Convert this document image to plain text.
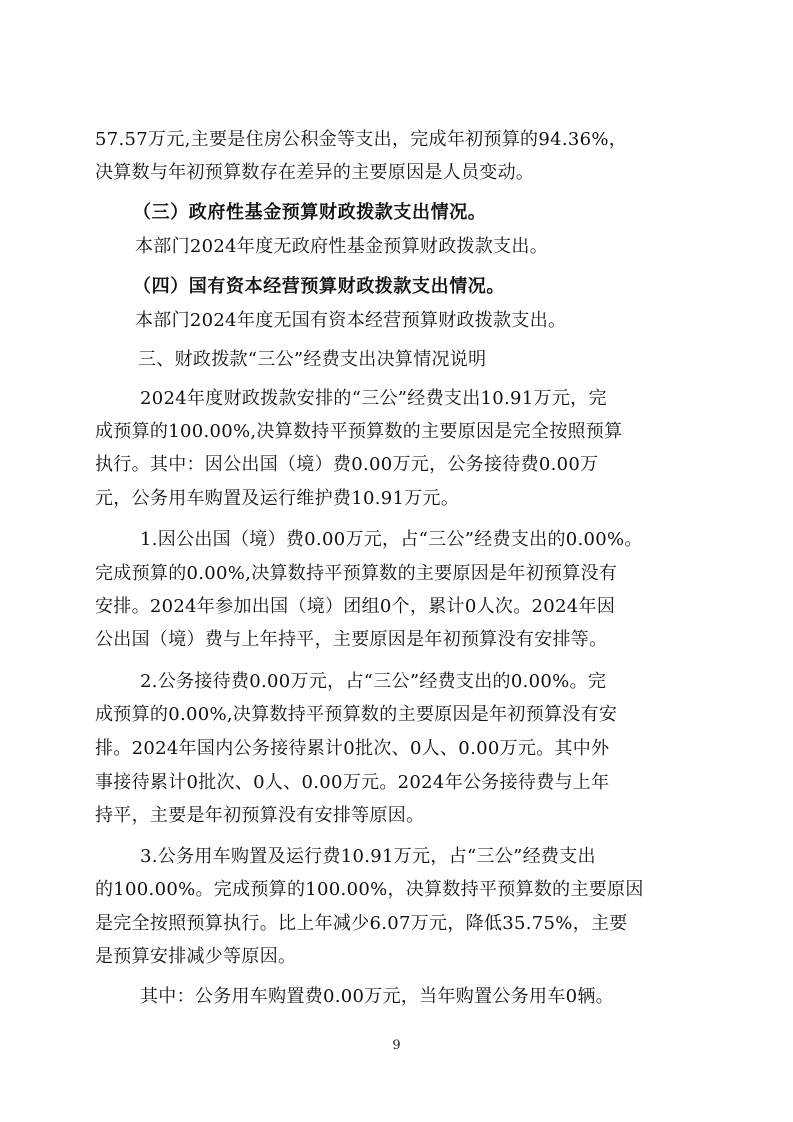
57.57万元,主要是住房公积金等支出，完成年初预算的94.36%，
决算数与年初预算数存在差异的主要原因是人员变动。
（三）政府性基金预算财政拨款支出情况。
本部门2024年度无政府性基金预算财政拨款支出。
（四）国有资本经营预算财政拨款支出情况。
本部门2024年度无国有资本经营预算财政拨款支出。
三、财政拨款“三公”经费支出决算情况说明
2024年度财政拨款安排的“三公”经费支出10.91万元，完
成预算的100.00%,决算数持平预算数的主要原因是完全按照预算
执行。其中：因公出国（境）费0.00万元，公务接待费0.00万
元，公务用车购置及运行维护费10.91万元。
1.因公出国（境）费0.00万元，占“三公”经费支出的0.00%。
完成预算的0.00%,决算数持平预算数的主要原因是年初预算没有
安排。2024年参加出国（境）团组0个，累计0人次。2024年因
公出国（境）费与上年持平，主要原因是年初预算没有安排等。
2.公务接待费0.00万元，占“三公”经费支出的0.00%。完
成预算的0.00%,决算数持平预算数的主要原因是年初预算没有安
排。2024年国内公务接待累计0批次、0人、0.00万元。其中外
事接待累计0批次、0人、0.00万元。2024年公务接待费与上年
持平，主要是年初预算没有安排等原因。
3.公务用车购置及运行费10.91万元，占“三公”经费支出
的100.00%。完成预算的100.00%，决算数持平预算数的主要原因
是完全按照预算执行。比上年减少6.07万元，降低35.75%，主要
是预算安排减少等原因。
其中：公务用车购置费0.00万元，当年购置公务用车0辆。
9
